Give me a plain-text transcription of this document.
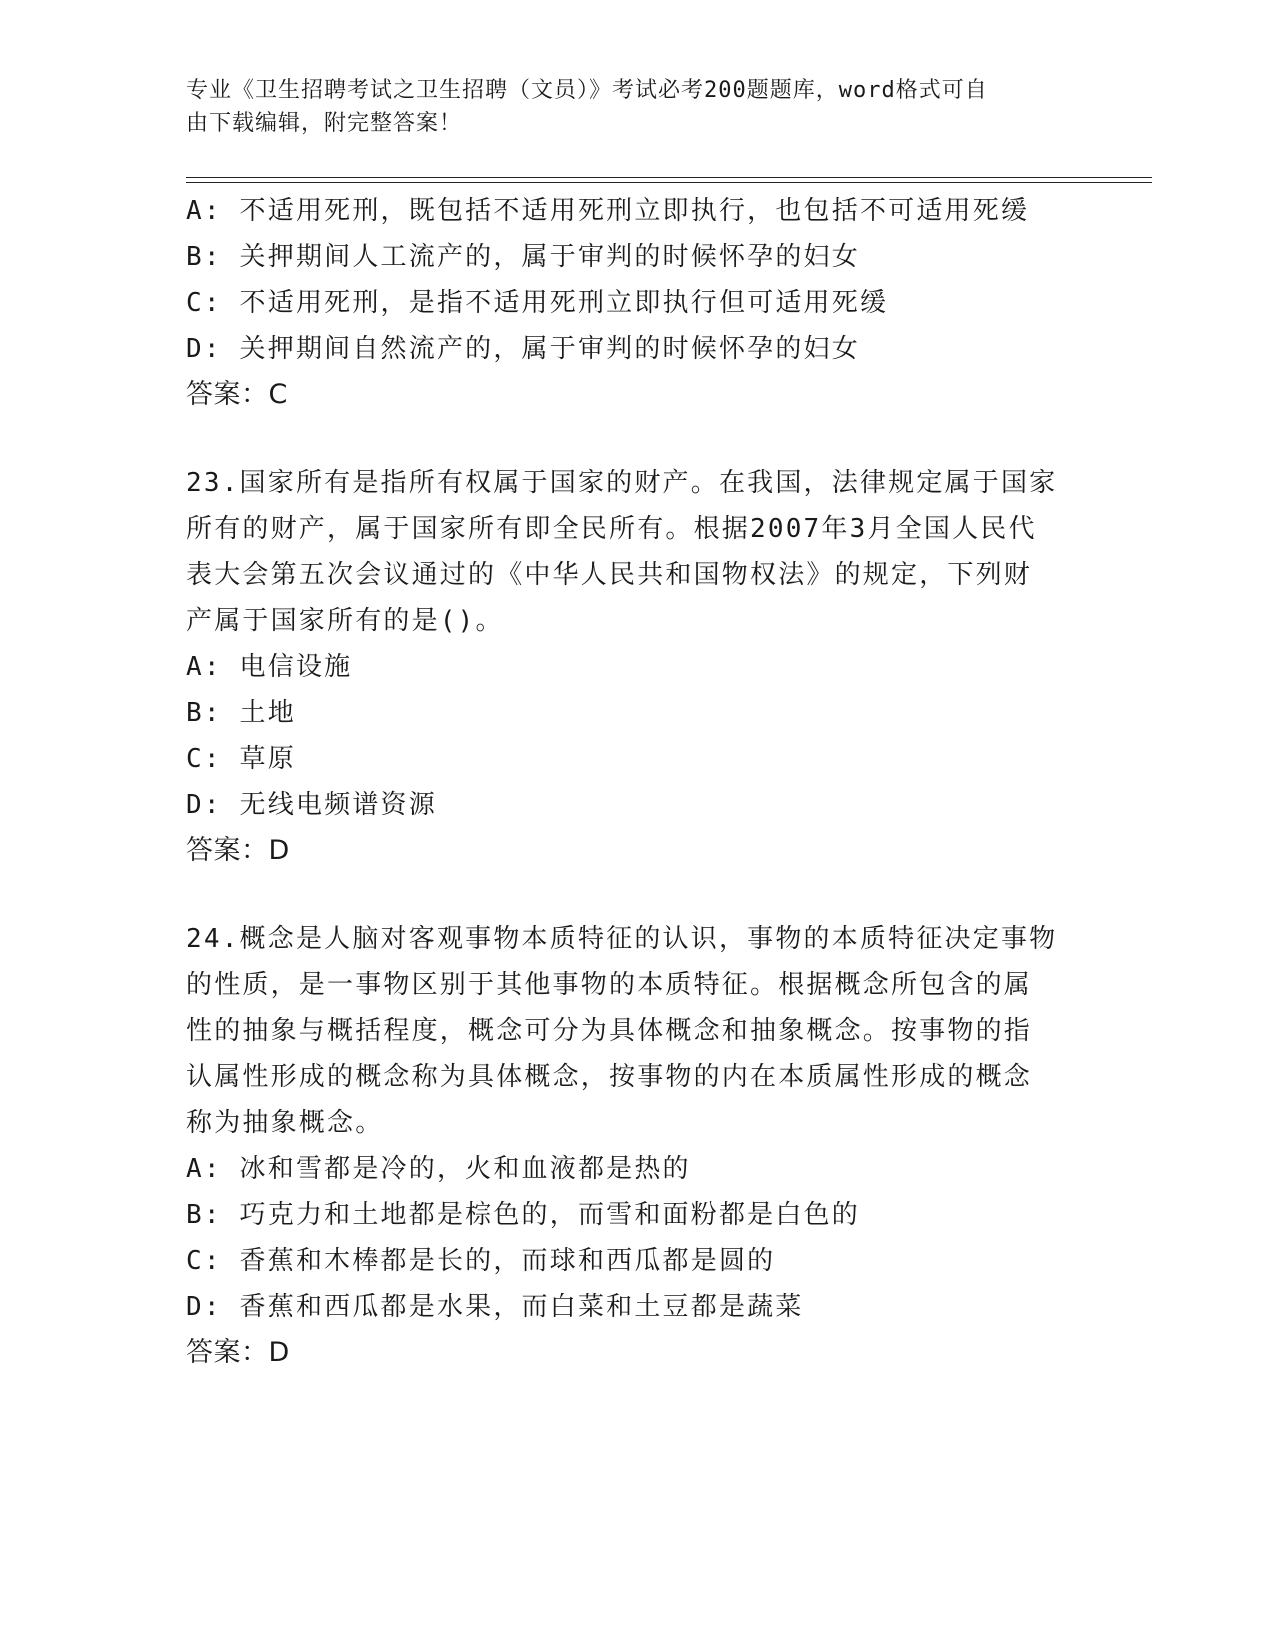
专业《卫生招聘考试之卫生招聘（文员）》考试必考200题题库，word格式可自
由下载编辑，附完整答案！
A: 不适用死刑，既包括不适用死刑立即执行，也包括不可适用死缓
B: 关押期间人工流产的，属于审判的时候怀孕的妇女
C: 不适用死刑，是指不适用死刑立即执行但可适用死缓
D: 关押期间自然流产的，属于审判的时候怀孕的妇女
答案：C
23.国家所有是指所有权属于国家的财产。在我国，法律规定属于国家
所有的财产，属于国家所有即全民所有。根据2007年3月全国人民代
表大会第五次会议通过的《中华人民共和国物权法》的规定，下列财
产属于国家所有的是()。
A: 电信设施
B: 土地
C: 草原
D: 无线电频谱资源
答案：D
24.概念是人脑对客观事物本质特征的认识，事物的本质特征决定事物
的性质，是一事物区别于其他事物的本质特征。根据概念所包含的属
性的抽象与概括程度，概念可分为具体概念和抽象概念。按事物的指
认属性形成的概念称为具体概念，按事物的内在本质属性形成的概念
称为抽象概念。
A: 冰和雪都是冷的，火和血液都是热的
B: 巧克力和土地都是棕色的，而雪和面粉都是白色的
C: 香蕉和木棒都是长的，而球和西瓜都是圆的
D: 香蕉和西瓜都是水果，而白菜和土豆都是蔬菜
答案：D
